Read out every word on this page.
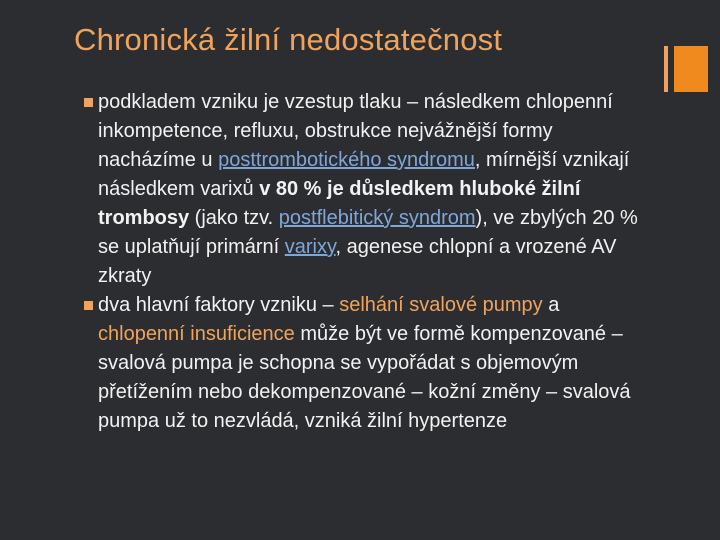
Chronická žilní nedostatečnost

podkladem vzniku je vzestup tlaku – následkem chlopenní inkompetence, refluxu, obstrukce nejvážnější formy nacházíme u posttrombotického syndromu, mírnější vznikají následkem varixů v 80 % je důsledkem hluboké žilní trombosy (jako tzv. postflebitický syndrom), ve zbylých 20 % se uplatňují primární varixy, agenese chlopní a vrozené AV zkraty

dva hlavní faktory vzniku – selhání svalové pumpy a chlopenní insuficience může být ve formě kompenzované – svalová pumpa je schopna se vypořádat s objemovým přetížením nebo dekompenzované – kožní změny – svalová pumpa už to nezvládá, vzniká žilní hypertenze
